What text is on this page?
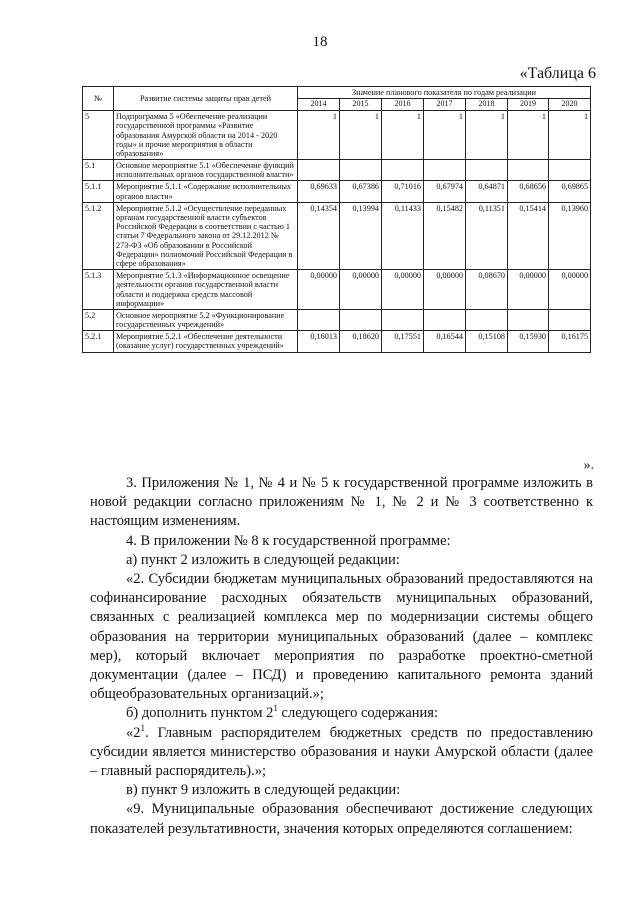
18
«Таблица 6
№	Развитие системы защиты прав детей	Значение планового показателя по годам реализации						
		2014	2015	2016	2017	2018	2019	2020
5	Подпрограмма 5 «Обеспечение реализации государственной программы «Развитие образования Амурской области на 2014 - 2020 годы» и прочие мероприятия в области образования»	1	1	1	1	1	1	1
5.1	Основное мероприятие 5.1 «Обеспечение функций исполнительных органов государственной власти»							
5.1.1	Мероприятие 5.1.1 «Содержание исполнительных органов власти»	0,69633	0,67386	0,71016	0,67974	0,64871	0,68656	0,69865
5.1.2	Мероприятие 5.1.2 «Осуществление переданных органам государственной власти субъектов Российской Федерации в соответствии с частью 1 статьи 7 Федерального закона от 29.12.2012 № 273-ФЗ «Об образовании в Российской Федерации» полномочий Российской Федерации в сфере образования»	0,14354	0,13994	0,11433	0,15482	0,11351	0,15414	0,13960
5.1.3	Мероприятие 5.1.3 «Информационное освещение деятельности органов государственной власти области и поддержка средств массовой информации»	0,00000	0,00000	0,00000	0,00000	0,08670	0,00000	0,00000
5.2	Основное мероприятие 5.2 «Функционирование государственных учреждений»							
5.2.1	Мероприятие 5.2.1 «Обеспечение деятельности (оказание услуг) государственных учреждений»	0,16013	0,18620	0,17551	0,16544	0,15108	0,15930	0,16175
».

3. Приложения № 1, № 4 и № 5 к государственной программе изложить в новой редакции согласно приложениям № 1, № 2 и № 3 соответственно к настоящим изменениям.

4. В приложении № 8 к государственной программе:

а) пункт 2 изложить в следующей редакции:

«2. Субсидии бюджетам муниципальных образований предоставляются на софинансирование расходных обязательств муниципальных образований, связанных с реализацией комплекса мер по модернизации системы общего образования на территории муниципальных образований (далее – комплекс мер), который включает мероприятия по разработке проектно-сметной документации (далее – ПСД) и проведению капитального ремонта зданий общеобразовательных организаций.»;

б) дополнить пунктом $2^1$ следующего содержания:

«$2^1$. Главным распорядителем бюджетных средств по предоставлению субсидии является министерство образования и науки Амурской области (далее – главный распорядитель).»;

в) пункт 9 изложить в следующей редакции:

«9. Муниципальные образования обеспечивают достижение следующих показателей результативности, значения которых определяются соглашением:
